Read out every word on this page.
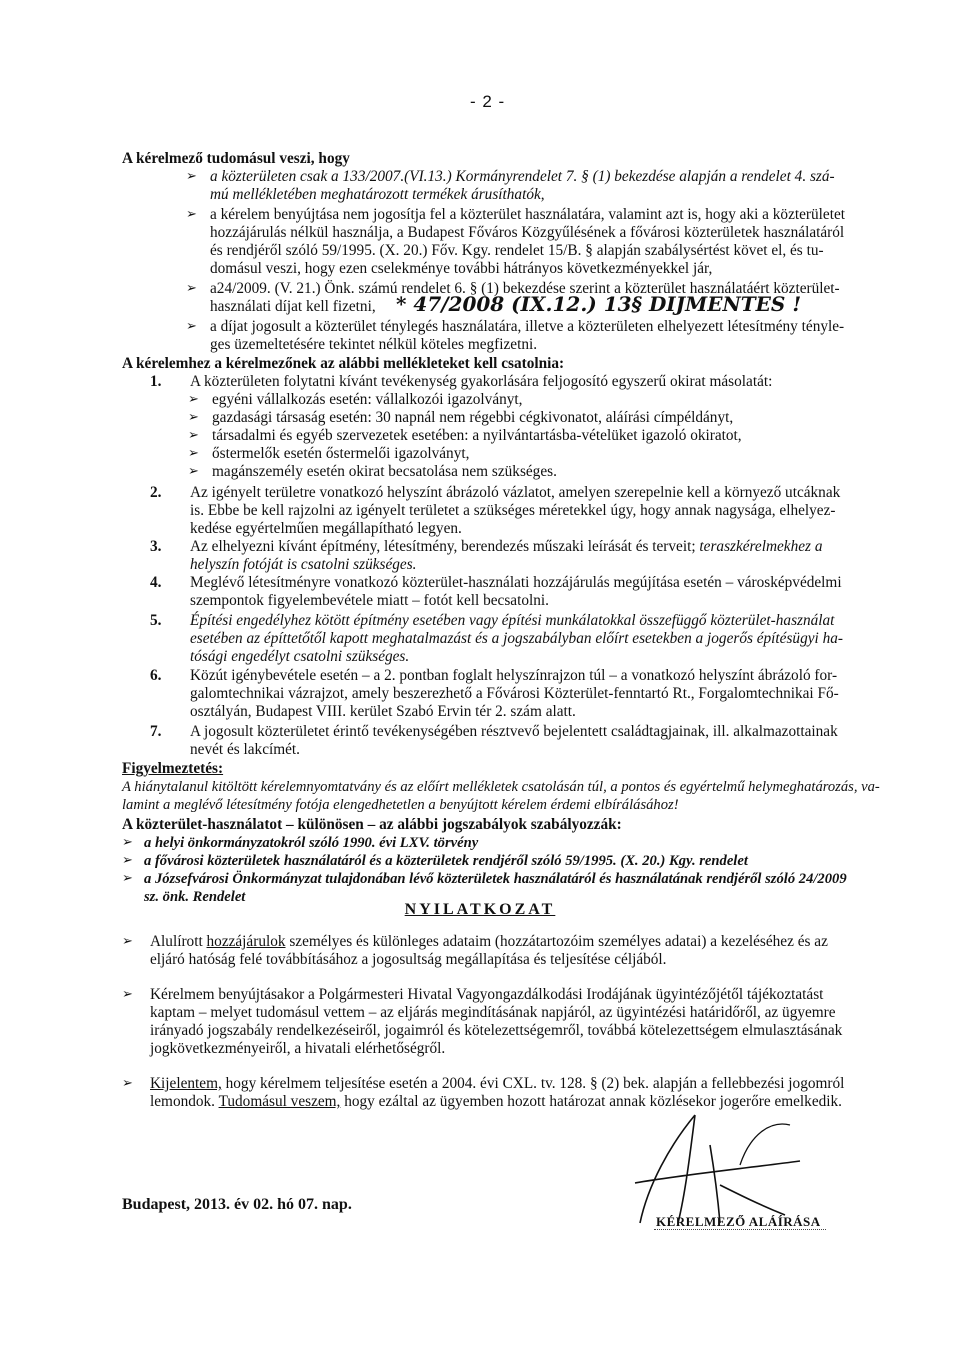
- 2 -
A kérelmező tudomásul veszi, hogy
➢ a közterületen csak a 133/2007.(VI.13.) Kormányrendelet 7. § (1) bekezdése alapján a rendelet 4. szá-
mú mellékletében meghatározott termékek árusíthatók,
➢ a kérelem benyújtása nem jogosítja fel a közterület használatára, valamint azt is, hogy aki a közterületet
hozzájárulás nélkül használja, a Budapest Főváros Közgyűlésének a fővárosi közterületek használatáról
és rendjéről szóló 59/1995. (X. 20.) Főv. Kgy. rendelet 15/B. § alapján szabálysértést követ el, és tu-
domásul veszi, hogy ezen cselekménye további hátrányos következményekkel jár,
➢ a24/2009. (V. 21.) Önk. számú rendelet 6. § (1) bekezdése szerint a közterület használatáért közterület-
használati díjat kell fizetni, * 47/2008 (IX.12.) 13§ DIJMENTES !
➢ a díjat jogosult a közterület ténylegés használatára, illetve a közterületen elhelyezett létesítmény tényle-
ges üzemeltetésére tekintet nélkül köteles megfizetni.
A kérelemhez a kérelmezőnek az alábbi mellékleteket kell csatolnia:
1. A közterületen folytatni kívánt tevékenység gyakorlására feljogosító egyszerű okirat másolatát:
➢ egyéni vállalkozás esetén: vállalkozói igazolványt,
➢ gazdasági társaság esetén: 30 napnál nem régebbi cégkivonatot, aláírási címpéldányt,
➢ társadalmi és egyéb szervezetek esetében: a nyilvántartásba-vételüket igazoló okiratot,
➢ őstermelők esetén őstermelői igazolványt,
➢ magánszemély esetén okirat becsatolása nem szükséges.
2. Az igényelt területre vonatkozó helyszínt ábrázoló vázlatot, amelyen szerepelnie kell a környező utcáknak
is. Ebbe be kell rajzolni az igényelt területet a szükséges méretekkel úgy, hogy annak nagysága, elhelyez-
kedése egyértelműen megállapítható legyen.
3. Az elhelyezni kívánt építmény, létesítmény, berendezés műszaki leírását és terveit; teraszkérelmekhez a
helyszín fotóját is csatolni szükséges.
4. Meglévő létesítményre vonatkozó közterület-használati hozzájárulás megújítása esetén – városképvédelmi
szempontok figyelembevétele miatt – fotót kell becsatolni.
5. Építési engedélyhez kötött építmény esetében vagy építési munkálatokkal összefüggő közterület-használat
esetében az építtetőtől kapott meghatalmazást és a jogszabályban előírt esetekben a jogerős építésügyi ha-
tósági engedélyt csatolni szükséges.
6. Közút igénybevétele esetén – a 2. pontban foglalt helyszínrajzon túl – a vonatkozó helyszínt ábrázoló for-
galomtechnikai vázrajzot, amely beszerezhető a Fővárosi Közterület-fenntartó Rt., Forgalomtechnikai Fő-
osztályán, Budapest VIII. kerület Szabó Ervin tér 2. szám alatt.
7. A jogosult közterületet érintő tevékenységében résztvevő bejelentett családtagjainak, ill. alkalmazottainak
nevét és lakcímét.
Figyelmeztetés:
A hiánytalanul kitöltött kérelemnyomtatvány és az előírt mellékletek csatolásán túl, a pontos és egyértelmű helymeghatározás, va-
lamint a meglévő létesítmény fotója elengedhetetlen a benyújtott kérelem érdemi elbírálásához!
A közterület-használatot – különösen – az alábbi jogszabályok szabályozzák:
➢ a helyi önkormányzatokról szóló 1990. évi LXV. törvény
➢ a fővárosi közterületek használatáról és a közterületek rendjéről szóló 59/1995. (X. 20.) Kgy. rendelet
➢ a Józsefvárosi Önkormányzat tulajdonában lévő közterületek használatáról és használatának rendjéről szóló 24/2009
sz. önk. Rendelet
NYILATKOZAT
➢ Alulírott hozzájárulok személyes és különleges adataim (hozzátartozóim személyes adatai) a kezeléséhez és az
eljáró hatóság felé továbbításához a jogosultság megállapítása és teljesítése céljából.
➢ Kérelmem benyújtásakor a Polgármesteri Hivatal Vagyongazdálkodási Irodájának ügyintézőjétől tájékoztatást
kaptam – melyet tudomásul vettem – az eljárás megindításának napjáról, az ügyintézési határidőről, az ügyemre
irányadó jogszabály rendelkezéseiről, jogaimról és kötelezettségemről, továbbá kötelezettségem elmulasztásának
jogkövetkezményeiről, a hivatali elérhetőségről.
➢ Kijelentem, hogy kérelmem teljesítése esetén a 2004. évi CXL. tv. 128. § (2) bek. alapján a fellebbezési jogomról
lemondok. Tudomásul veszem, hogy ezáltal az ügyemben hozott határozat annak közlésekor jogerőre emelkedik.
Budapest, 2013. év 02. hó 07. nap.
KÉRELMEZŐ ALÁÍRÁSA
